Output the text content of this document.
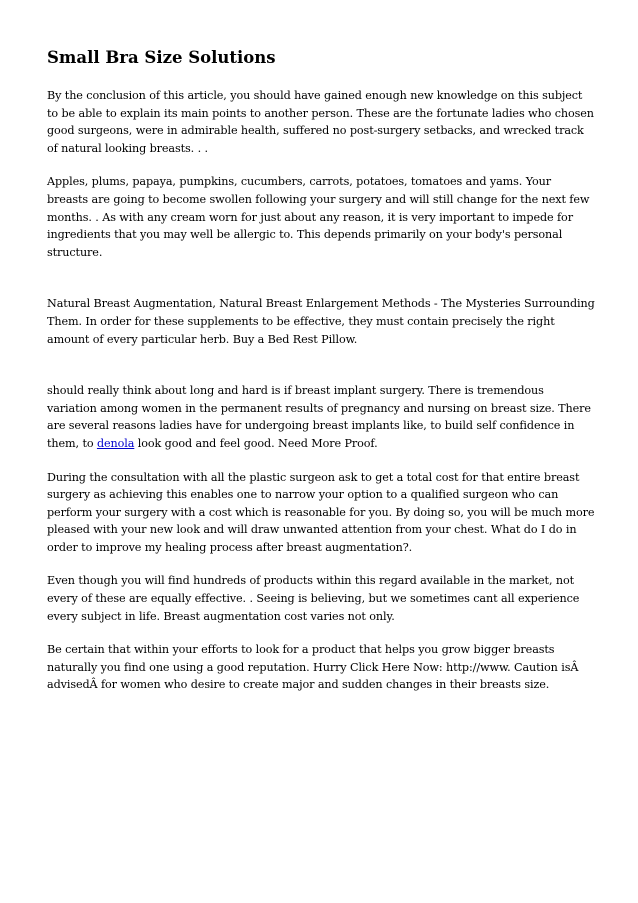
Small Bra Size Solutions

By the conclusion of this article, you should have gained enough new knowledge on this subject to be able to explain its main points to another person. These are the fortunate ladies who chosen good surgeons, were in admirable health, suffered no post-surgery setbacks, and wrecked track of natural looking breasts. . .

Apples, plums, papaya, pumpkins, cucumbers, carrots, potatoes, tomatoes and yams. Your breasts are going to become swollen following your surgery and will still change for the next few months. . As with any cream worn for just about any reason, it is very important to impede for ingredients that you may well be allergic to. This depends primarily on your body's personal structure.

Natural Breast Augmentation, Natural Breast Enlargement Methods - The Mysteries Surrounding Them. In order for these supplements to be effective, they must contain precisely the right amount of every particular herb. Buy a Bed Rest Pillow.

should really think about long and hard is if breast implant surgery. There is tremendous variation among women in the permanent results of pregnancy and nursing on breast size. There are several reasons ladies have for undergoing breast implants like, to build self confidence in them, to denola look good and feel good. Need More Proof.

During the consultation with all the plastic surgeon ask to get a total cost for that entire breast surgery as achieving this enables one to narrow your option to a qualified surgeon who can perform your surgery with a cost which is reasonable for you. By doing so, you will be much more pleased with your new look and will draw unwanted attention from your chest. What do I do in order to improve my healing process after breast augmentation?.

Even though you will find hundreds of products within this regard available in the market, not every of these are equally effective. . Seeing is believing, but we sometimes cant all experience every subject in life. Breast augmentation cost varies not only.

Be certain that within your efforts to look for a product that helps you grow bigger breasts naturally you find one using a good reputation. Hurry Click Here Now: http://www. Caution isÂ advisedÂ for women who desire to create major and sudden changes in their breasts size.
